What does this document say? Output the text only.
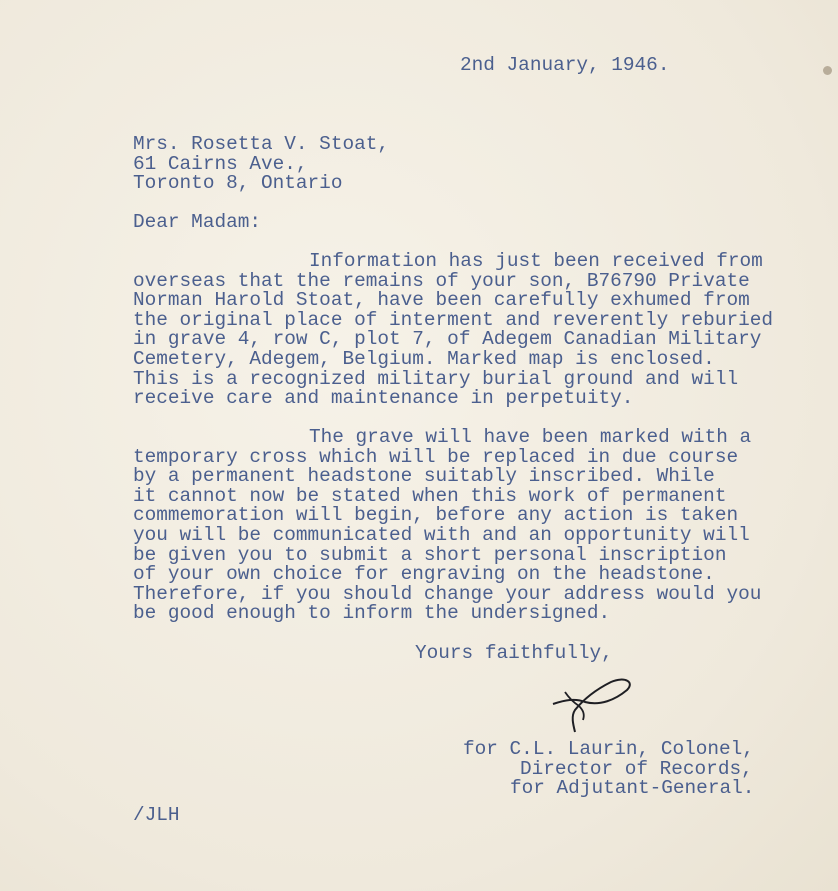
2nd January, 1946.
Mrs. Rosetta V. Stoat,
61 Cairns Ave.,
Toronto 8, Ontario
Dear Madam:
Information has just been received from
overseas that the remains of your son, B76790 Private
Norman Harold Stoat, have been carefully exhumed from
the original place of interment and reverently reburied
in grave 4, row C, plot 7, of Adegem Canadian Military
Cemetery, Adegem, Belgium. Marked map is enclosed.
This is a recognized military burial ground and will
receive care and maintenance in perpetuity.
The grave will have been marked with a
temporary cross which will be replaced in due course
by a permanent headstone suitably inscribed. While
it cannot now be stated when this work of permanent
commemoration will begin, before any action is taken
you will be communicated with and an opportunity will
be given you to submit a short personal inscription
of your own choice for engraving on the headstone.
Therefore, if you should change your address would you
be good enough to inform the undersigned.
Yours faithfully,
for C.L. Laurin, Colonel,
Director of Records,
for Adjutant-General.
/JLH
